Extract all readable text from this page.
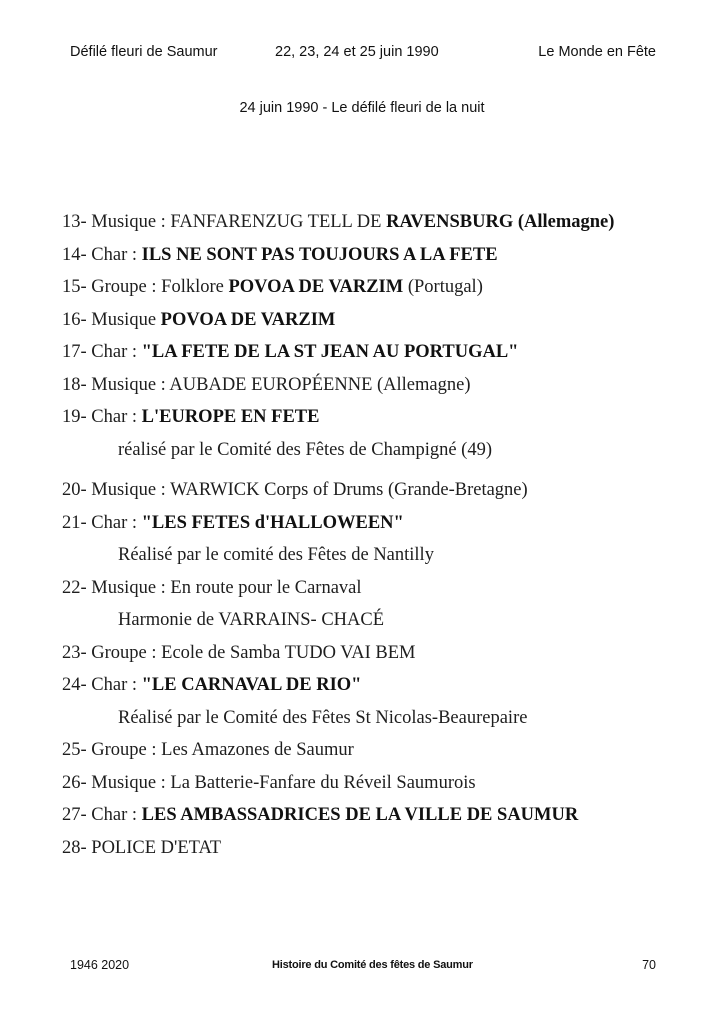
Défilé fleuri de Saumur	22, 23, 24 et 25 juin 1990	Le Monde en Fête
24 juin 1990 - Le défilé fleuri de la nuit
13- Musique : FANFARENZUG TELL DE RAVENSBURG (Allemagne)
14- Char : ILS NE SONT PAS TOUJOURS A LA FETE
15- Groupe : Folklore POVOA DE VARZIM (Portugal)
16- Musique POVOA DE VARZIM
17- Char : "LA FETE DE LA ST JEAN AU PORTUGAL"
18- Musique : AUBADE EUROPÉENNE (Allemagne)
19- Char : L'EUROPE EN FETE
réalisé par le Comité des Fêtes de Champigné (49)
20- Musique : WARWICK Corps of Drums (Grande-Bretagne)
21- Char : "LES FETES d'HALLOWEEN"
Réalisé par le comité des Fêtes de Nantilly
22- Musique : En route pour le Carnaval
Harmonie de VARRAINS- CHACÉ
23- Groupe : Ecole de Samba TUDO VAI BEM
24- Char : "LE CARNAVAL DE RIO"
Réalisé par le Comité des Fêtes St Nicolas-Beaurepaire
25- Groupe : Les Amazones de Saumur
26- Musique : La Batterie-Fanfare du Réveil Saumurois
27- Char : LES AMBASSADRICES DE LA VILLE DE SAUMUR
28- POLICE D'ETAT
1946 2020	Histoire du Comité des fêtes de Saumur	70
